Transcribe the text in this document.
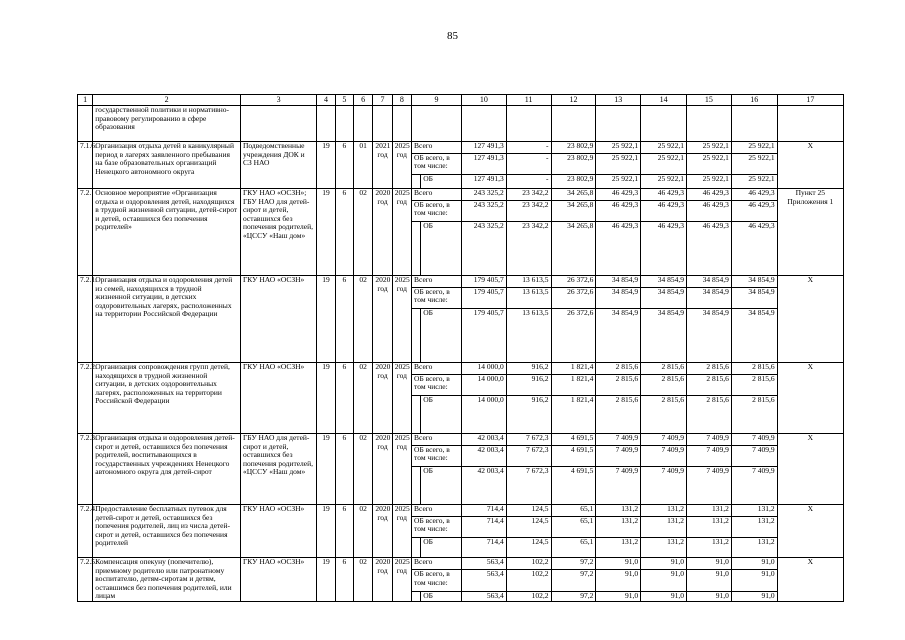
85
1	2	3	4	5	6	7	8	9		10	11	12	13	14	15	16	17
	государственной политики и нормативно-правовому регулированию в сфере образования																
7.1.6.	Организация отдыха детей в каникулярный период в лагерях заявленного пребывания на базе образовательных организаций Ненецкого автономного округа	Подведомственные учреждения ДОК и СЗ НАО	19	6	01	2021 год	2025 год	Всего		127 491,3	-	23 802,9	25 922,1	25 922,1	25 922,1	25 922,1	Х
								ОБ всего, в том числе:		127 491,3	-	23 802,9	25 922,1	25 922,1	25 922,1	25 922,1	
									ОБ	127 491,3	-	23 802,9	25 922,1	25 922,1	25 922,1	25 922,1	
7.2.	Основное мероприятие «Организация отдыха и оздоровления детей, находящихся в трудной жизненной ситуации, детей-сирот и детей, оставшихся без попечения родителей»	ГКУ НАО «ОСЗН»; ГБУ НАО для детей-сирот и детей, оставшихся без попечения родителей, «ЦССУ «Наш дом»	19	6	02	2020 год	2025 год	Всего		243 325,2	23 342,2	34 265,8	46 429,3	46 429,3	46 429,3	46 429,3	Пункт 25 Приложения 1
								ОБ всего, в том числе:		243 325,2	23 342,2	34 265,8	46 429,3	46 429,3	46 429,3	46 429,3	
									ОБ	243 325,2	23 342,2	34 265,8	46 429,3	46 429,3	46 429,3	46 429,3	
7.2.1.	Организация отдыха и оздоровления детей из семей, находящихся в трудной жизненной ситуации, в детских оздоровительных лагерях, расположенных на территории Российской Федерации	ГКУ НАО «ОСЗН»	19	6	02	2020 год	2025 год	Всего		179 405,7	13 613,5	26 372,6	34 854,9	34 854,9	34 854,9	34 854,9	Х
								ОБ всего, в том числе:		179 405,7	13 613,5	26 372,6	34 854,9	34 854,9	34 854,9	34 854,9	
									ОБ	179 405,7	13 613,5	26 372,6	34 854,9	34 854,9	34 854,9	34 854,9	
7.2.2.	Организация сопровождения групп детей, находящихся в трудной жизненной ситуации, в детских оздоровительных лагерях, расположенных на территории Российской Федерации	ГКУ НАО «ОСЗН»	19	6	02	2020 год	2025 год	Всего		14 000,0	916,2	1 821,4	2 815,6	2 815,6	2 815,6	2 815,6	Х
								ОБ всего, в том числе:		14 000,0	916,2	1 821,4	2 815,6	2 815,6	2 815,6	2 815,6	
									ОБ	14 000,0	916,2	1 821,4	2 815,6	2 815,6	2 815,6	2 815,6	
7.2.3.	Организация отдыха и оздоровления детей-сирот и детей, оставшихся без попечения родителей, воспитывающихся в государственных учреждениях Ненецкого автономного округа для детей-сирот	ГБУ НАО для детей-сирот и детей, оставшихся без попечения родителей, «ЦССУ «Наш дом»	19	6	02	2020 год	2025 год	Всего		42 003,4	7 672,3	4 691,5	7 409,9	7 409,9	7 409,9	7 409,9	Х
								ОБ всего, в том числе:		42 003,4	7 672,3	4 691,5	7 409,9	7 409,9	7 409,9	7 409,9	
									ОБ	42 003,4	7 672,3	4 691,5	7 409,9	7 409,9	7 409,9	7 409,9	
7.2.4.	Предоставление бесплатных путевок для детей-сирот и детей, оставшихся без попечения родителей, лиц из числа детей-сирот и детей, оставшихся без попечения родителей	ГКУ НАО «ОСЗН»	19	6	02	2020 год	2025 год	Всего		714,4	124,5	65,1	131,2	131,2	131,2	131,2	Х
								ОБ всего, в том числе:		714,4	124,5	65,1	131,2	131,2	131,2	131,2	
									ОБ	714,4	124,5	65,1	131,2	131,2	131,2	131,2	
7.2.5.	Компенсация опекуну (попечителю), приемному родителю или патронатному воспитателю, детям-сиротам и детям, оставшимся без попечения родителей, или лицам	ГКУ НАО «ОСЗН»	19	6	02	2020 год	2025 год	Всего		563,4	102,2	97,2	91,0	91,0	91,0	91,0	Х
								ОБ всего, в том числе:		563,4	102,2	97,2	91,0	91,0	91,0	91,0	
									ОБ	563,4	102,2	97,2	91,0	91,0	91,0	91,0	
